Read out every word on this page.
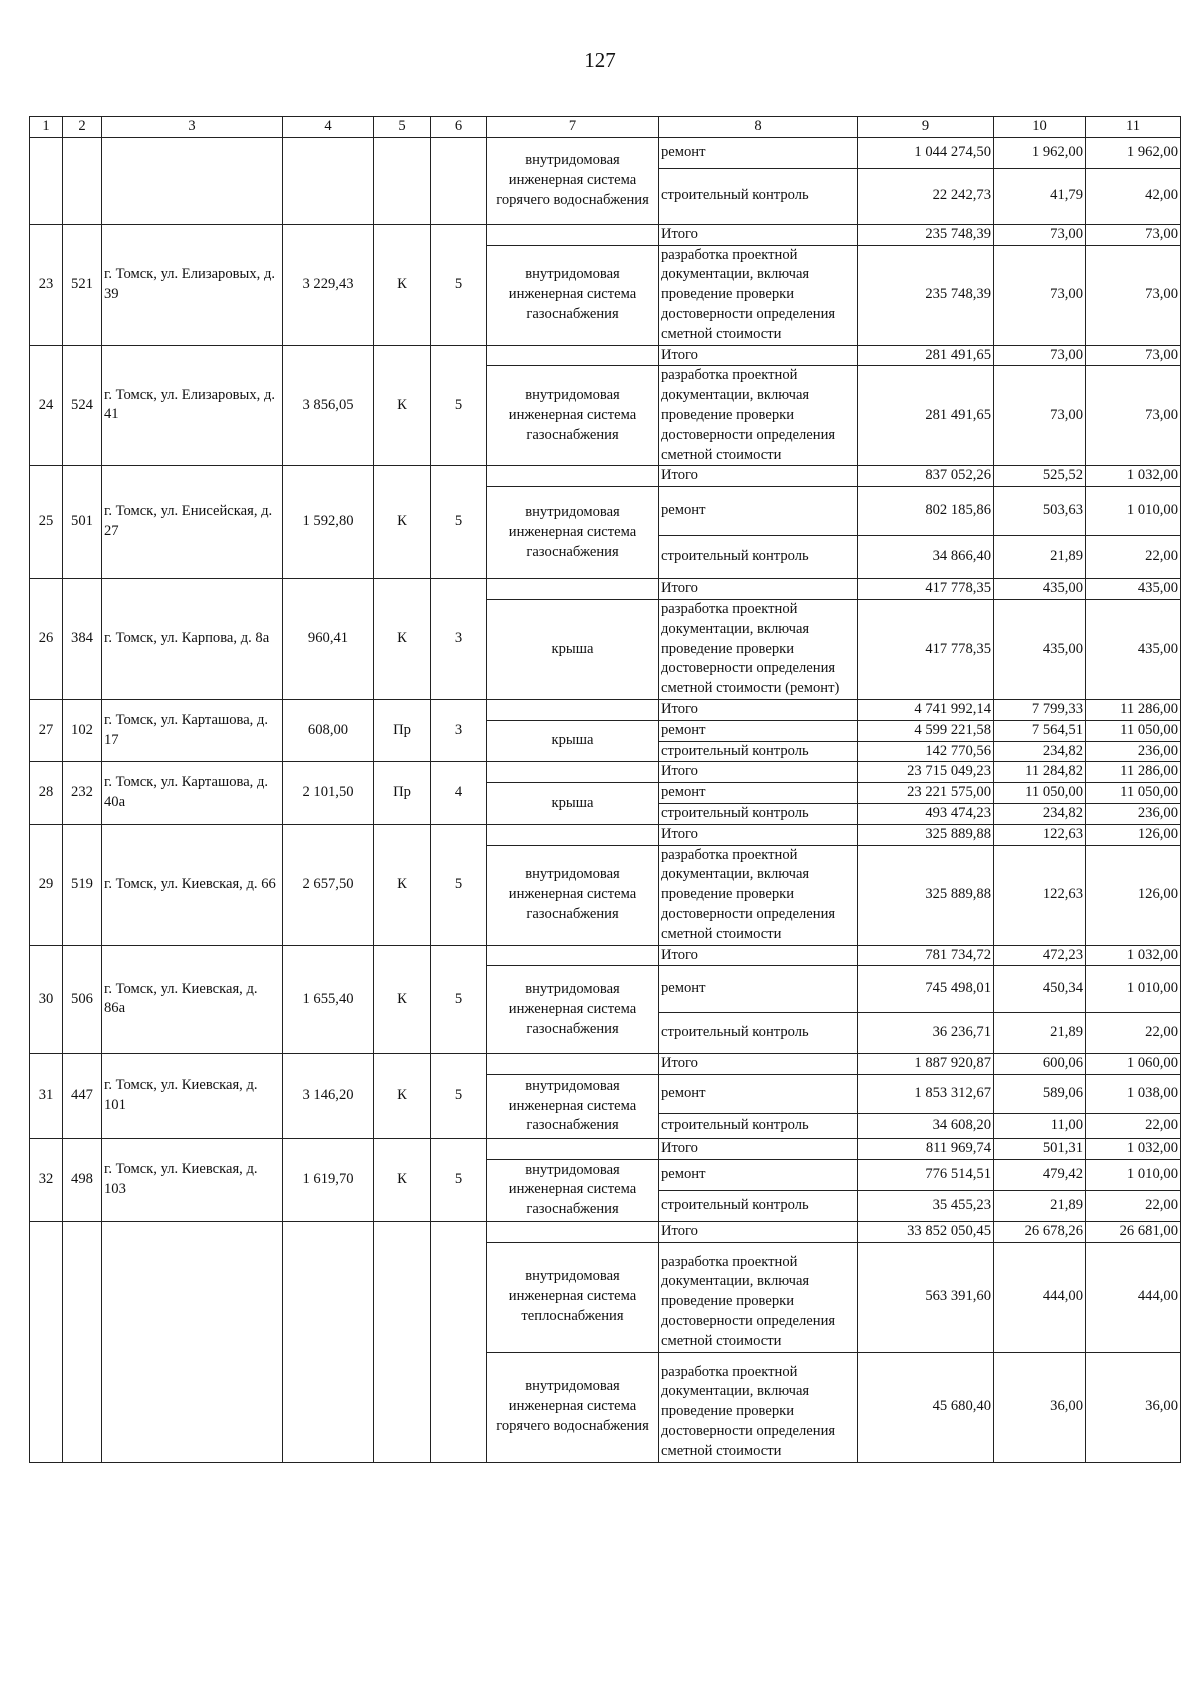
127
1	2	3	4	5	6	7	8	9	10	11
						внутридомовая инженерная система горячего водоснабжения	ремонт	1 044 274,50	1 962,00	1 962,00
							строительный контроль	22 242,73	41,79	42,00
23	521	г. Томск, ул. Елизаровых, д. 39	3 229,43	К	5		Итого	235 748,39	73,00	73,00
						внутридомовая инженерная система газоснабжения	разработка проектной документации, включая проведение проверки достоверности определения сметной стоимости	235 748,39	73,00	73,00
24	524	г. Томск, ул. Елизаровых, д. 41	3 856,05	К	5		Итого	281 491,65	73,00	73,00
						внутридомовая инженерная система газоснабжения	разработка проектной документации, включая проведение проверки достоверности определения сметной стоимости	281 491,65	73,00	73,00
25	501	г. Томск, ул. Енисейская, д. 27	1 592,80	К	5		Итого	837 052,26	525,52	1 032,00
						внутридомовая инженерная система газоснабжения	ремонт	802 185,86	503,63	1 010,00
							строительный контроль	34 866,40	21,89	22,00
26	384	г. Томск, ул. Карпова, д. 8а	960,41	К	3		Итого	417 778,35	435,00	435,00
						крыша	разработка проектной документации, включая проведение проверки достоверности определения сметной стоимости (ремонт)	417 778,35	435,00	435,00
27	102	г. Томск, ул. Карташова, д. 17	608,00	Пр	3		Итого	4 741 992,14	7 799,33	11 286,00
						крыша	ремонт	4 599 221,58	7 564,51	11 050,00
							строительный контроль	142 770,56	234,82	236,00
28	232	г. Томск, ул. Карташова, д. 40а	2 101,50	Пр	4		Итого	23 715 049,23	11 284,82	11 286,00
						крыша	ремонт	23 221 575,00	11 050,00	11 050,00
							строительный контроль	493 474,23	234,82	236,00
29	519	г. Томск, ул. Киевская, д. 66	2 657,50	К	5		Итого	325 889,88	122,63	126,00
						внутридомовая инженерная система газоснабжения	разработка проектной документации, включая проведение проверки достоверности определения сметной стоимости	325 889,88	122,63	126,00
30	506	г. Томск, ул. Киевская, д. 86а	1 655,40	К	5		Итого	781 734,72	472,23	1 032,00
						внутридомовая инженерная система газоснабжения	ремонт	745 498,01	450,34	1 010,00
							строительный контроль	36 236,71	21,89	22,00
31	447	г. Томск, ул. Киевская, д. 101	3 146,20	К	5		Итого	1 887 920,87	600,06	1 060,00
						внутридомовая инженерная система газоснабжения	ремонт	1 853 312,67	589,06	1 038,00
							строительный контроль	34 608,20	11,00	22,00
32	498	г. Томск, ул. Киевская, д. 103	1 619,70	К	5		Итого	811 969,74	501,31	1 032,00
						внутридомовая инженерная система газоснабжения	ремонт	776 514,51	479,42	1 010,00
							строительный контроль	35 455,23	21,89	22,00
							Итого	33 852 050,45	26 678,26	26 681,00
						внутридомовая инженерная система теплоснабжения	разработка проектной документации, включая проведение проверки достоверности определения сметной стоимости	563 391,60	444,00	444,00
						внутридомовая инженерная система горячего водоснабжения	разработка проектной документации, включая проведение проверки достоверности определения сметной стоимости	45 680,40	36,00	36,00
